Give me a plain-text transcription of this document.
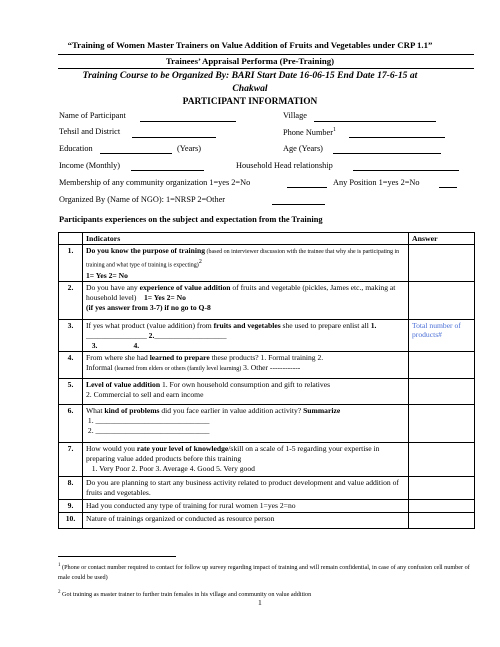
“Training of Women Master Trainers on Value Addition of Fruits and Vegetables under CRP 1.1”
Trainees’ Appraisal Performa (Pre-Training)
Training Course to be Organized By: BARI Start Date 16-06-15 End Date 17-6-15 at
Chakwal
PARTICIPANT INFORMATION
Name of Participant	Village
Tehsil and District	Phone Number$^1$
Education	(Years)	Age (Years)
Income (Monthly)	Household Head relationship
Membership of any community organization 1=yes 2=No	Any Position 1=yes 2=No
Organized By (Name of NGO): 1=NRSP 2=Other
Participants experiences on the subject and expectation from the Training
	Indicators	Answer
1.	Do you know the purpose of training (based on interviewer discussion with the trainee that why she is participating in training and what type of training is expecting)$^2$
1= Yes 2= No	
2.	Do you have any experience of value addition of fruits and vegetable (pickles, James etc., making at household level) 1= Yes 2= No
(if yes answer from 3-7) if no go to Q-8	
3.	If yes what product (value addition) from fruits and vegetables she used to prepare enlist all 1. ________________ 2.___________________
3. 4.	Total number of products#

4.	From where she had learned to prepare these products? 1. Formal training 2.
Informal (learned from elders or others (family level learning) 3. Other ------------	
5.	Level of value addition 1. For own household consumption and gift to relatives
2. Commercial to sell and earn income	
6.	What kind of problems did you face earlier in value addition activity? Summarize
1. ______________________________
2. ______________________________	
7.	How would you rate your level of knowledge/skill on a scale of 1-5 regarding your expertise in preparing value added products before this training
1. Very Poor 2. Poor 3. Average 4. Good 5. Very good	
8.	Do you are planning to start any business activity related to product development and value addition of fruits and vegetables.	
9.	Had you conducted any type of training for rural women 1=yes 2=no	
10.	Nature of trainings organized or conducted as resource person	
$^1$ (Phone or contact number required to contact for follow up survey regarding impact of training and will remain confidential, in case of any confusion cell number of male could be used)
$^2$ Got training as master trainer to further train females in his village and community on value addition
1
